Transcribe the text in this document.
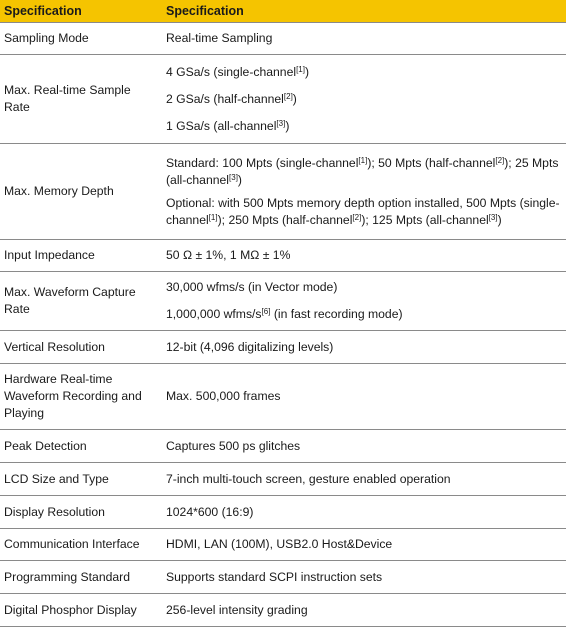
Specification	Specification
Sampling Mode	Real-time Sampling
Max. Real-time Sample Rate	4 GSa/s (single-channel[1])

2 GSa/s (half-channel[2])

1 GSa/s (all-channel[3])

Max. Memory Depth	Standard: 100 Mpts (single-channel[1]); 50 Mpts (half-channel[2]); 25 Mpts (all-channel[3])

Optional: with 500 Mpts memory depth option installed, 500 Mpts (single-channel[1]); 250 Mpts (half-channel[2]); 125 Mpts (all-channel[3])

Input Impedance	50 Ω ± 1%, 1 MΩ ± 1%
Max. Waveform Capture Rate	30,000 wfms/s (in Vector mode)

1,000,000 wfms/s[6] (in fast recording mode)

Vertical Resolution	12-bit (4,096 digitalizing levels)
Hardware Real-time Waveform Recording and Playing	Max. 500,000 frames
Peak Detection	Captures 500 ps glitches
LCD Size and Type	7-inch multi-touch screen, gesture enabled operation
Display Resolution	1024*600 (16:9)
Communication Interface	HDMI, LAN (100M), USB2.0 Host&Device
Programming Standard	Supports standard SCPI instruction sets
Digital Phosphor Display	256-level intensity grading
